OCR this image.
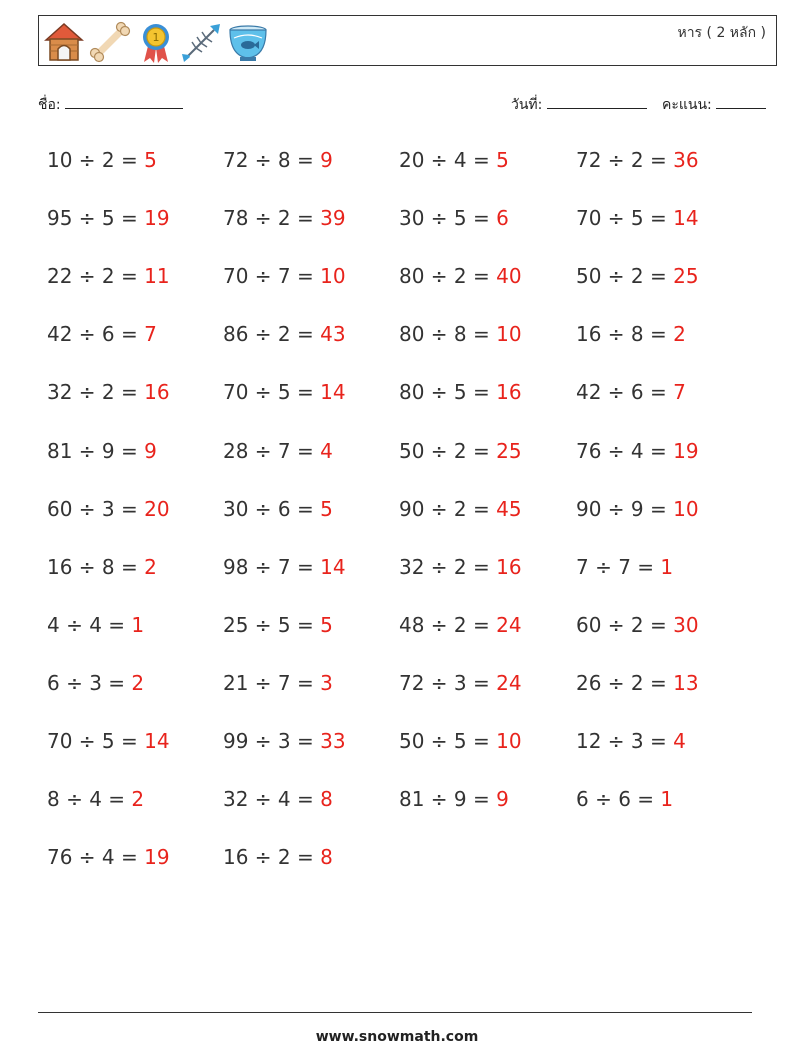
1	หาร ( 2 หลัก )
ชื่อ:	วันที่:	คะแนน:
10 ÷ 2 = 5	72 ÷ 8 = 9	20 ÷ 4 = 5	72 ÷ 2 = 36
95 ÷ 5 = 19	78 ÷ 2 = 39	30 ÷ 5 = 6	70 ÷ 5 = 14
22 ÷ 2 = 11	70 ÷ 7 = 10	80 ÷ 2 = 40	50 ÷ 2 = 25
42 ÷ 6 = 7	86 ÷ 2 = 43	80 ÷ 8 = 10	16 ÷ 8 = 2
32 ÷ 2 = 16	70 ÷ 5 = 14	80 ÷ 5 = 16	42 ÷ 6 = 7
81 ÷ 9 = 9	28 ÷ 7 = 4	50 ÷ 2 = 25	76 ÷ 4 = 19
60 ÷ 3 = 20	30 ÷ 6 = 5	90 ÷ 2 = 45	90 ÷ 9 = 10
16 ÷ 8 = 2	98 ÷ 7 = 14	32 ÷ 2 = 16	7 ÷ 7 = 1
4 ÷ 4 = 1	25 ÷ 5 = 5	48 ÷ 2 = 24	60 ÷ 2 = 30
6 ÷ 3 = 2	21 ÷ 7 = 3	72 ÷ 3 = 24	26 ÷ 2 = 13
70 ÷ 5 = 14	99 ÷ 3 = 33	50 ÷ 5 = 10	12 ÷ 3 = 4
8 ÷ 4 = 2	32 ÷ 4 = 8	81 ÷ 9 = 9	6 ÷ 6 = 1
76 ÷ 4 = 19	16 ÷ 2 = 8
www.snowmath.com
